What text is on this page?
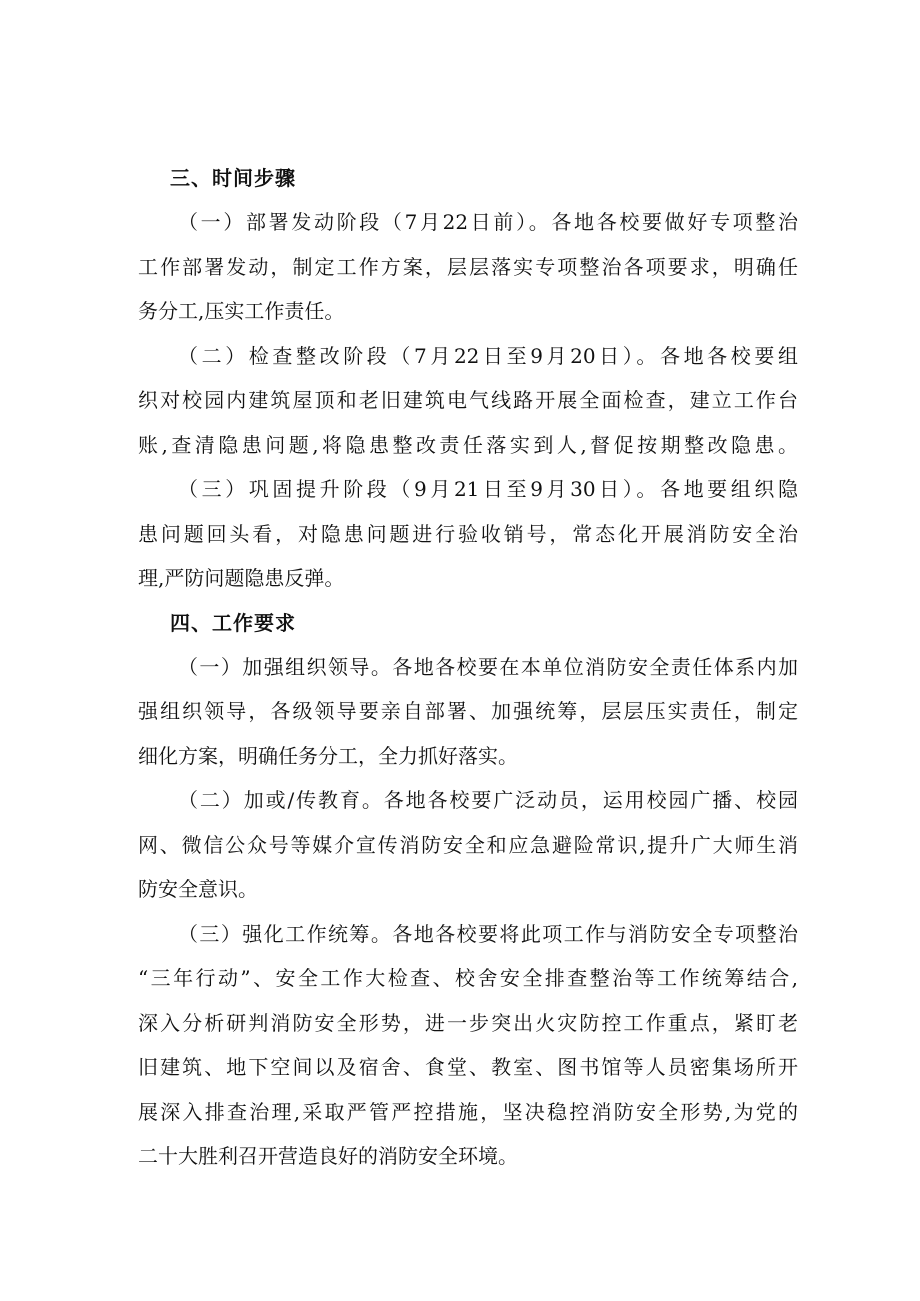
三、时间步骤
（一）部署发动阶段（7月22日前）。各地各校要做好专项整治
工作部署发动，制定工作方案，层层落实专项整治各项要求，明确任
务分工,压实工作责任。
（二）检查整改阶段（7月22日至9月20日）。各地各校要组
织对校园内建筑屋顶和老旧建筑电气线路开展全面检查，建立工作台
账,查清隐患问题,将隐患整改责任落实到人,督促按期整改隐患。
（三）巩固提升阶段（9月21日至9月30日）。各地要组织隐
患问题回头看，对隐患问题进行验收销号，常态化开展消防安全治
理,严防问题隐患反弹。
四、工作要求
（一）加强组织领导。各地各校要在本单位消防安全责任体系内加
强组织领导，各级领导要亲自部署、加强统筹，层层压实责任，制定
细化方案，明确任务分工，全力抓好落实。
（二）加或/传教育。各地各校要广泛动员，运用校园广播、校园
网、微信公众号等媒介宣传消防安全和应急避险常识,提升广大师生消
防安全意识。
（三）强化工作统筹。各地各校要将此项工作与消防安全专项整治
“三年行动”、安全工作大检查、校舍安全排查整治等工作统筹结合,
深入分析研判消防安全形势，进一步突出火灾防控工作重点，紧盯老
旧建筑、地下空间以及宿舍、食堂、教室、图书馆等人员密集场所开
展深入排查治理,采取严管严控措施，坚决稳控消防安全形势,为党的
二十大胜利召开营造良好的消防安全环境。
